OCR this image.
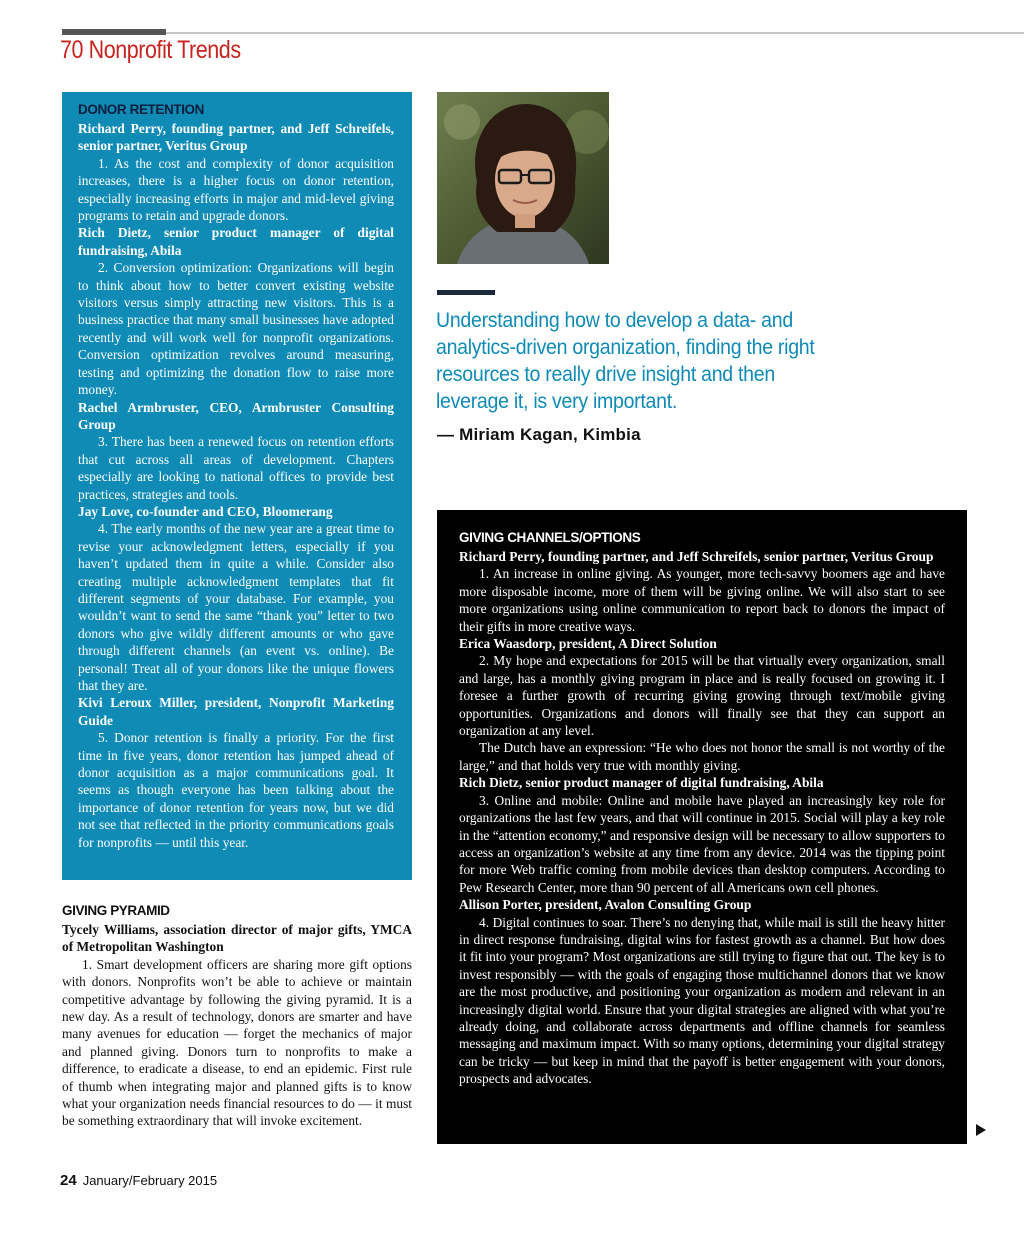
70 Nonprofit Trends
DONOR RETENTION

Richard Perry, founding partner, and Jeff Schreifels, senior partner, Veritus Group

1. As the cost and complexity of donor acquisition increases, there is a higher focus on donor retention, especially increasing efforts in major and mid-level giving programs to retain and upgrade donors.

Rich Dietz, senior product manager of digital fundraising, Abila

2. Conversion optimization: Organizations will begin to think about how to better convert existing website visitors versus simply attracting new visitors. This is a business practice that many small businesses have adopted recently and will work well for nonprofit organizations. Conversion optimization revolves around measuring, testing and optimizing the donation flow to raise more money.

Rachel Armbruster, CEO, Armbruster Consulting Group

3. There has been a renewed focus on retention efforts that cut across all areas of development. Chapters especially are looking to national offices to provide best practices, strategies and tools.

Jay Love, co-founder and CEO, Bloomerang

4. The early months of the new year are a great time to revise your acknowledgment letters, especially if you haven’t updated them in quite a while. Consider also creating multiple acknowledgment templates that fit different segments of your database. For example, you wouldn’t want to send the same “thank you” letter to two donors who give wildly different amounts or who gave through different channels (an event vs. online). Be personal! Treat all of your donors like the unique flowers that they are.

Kivi Leroux Miller, president, Nonprofit Marketing Guide

5. Donor retention is finally a priority. For the first time in five years, donor retention has jumped ahead of donor acquisition as a major communications goal. It seems as though everyone has been talking about the importance of donor retention for years now, but we did not see that reflected in the priority communications goals for nonprofits — until this year.

GIVING PYRAMID

Tycely Williams, association director of major gifts, YMCA of Metropolitan Washington

1. Smart development officers are sharing more gift options with donors. Nonprofits won’t be able to achieve or maintain competitive advantage by following the giving pyramid. It is a new day. As a result of technology, donors are smarter and have many avenues for education — forget the mechanics of major and planned giving. Donors turn to nonprofits to make a difference, to eradicate a disease, to end an epidemic. First rule of thumb when integrating major and planned gifts is to know what your organization needs financial resources to do — it must be something extraordinary that will invoke excitement.

Understanding how to develop a data- and analytics-driven organization, finding the right resources to really drive insight and then leverage it, is very important.
— Miriam Kagan, Kimbia
GIVING CHANNELS/OPTIONS

Richard Perry, founding partner, and Jeff Schreifels, senior partner, Veritus Group

1. An increase in online giving. As younger, more tech-savvy boomers age and have more disposable income, more of them will be giving online. We will also start to see more organizations using online communication to report back to donors the impact of their gifts in more creative ways.

Erica Waasdorp, president, A Direct Solution

2. My hope and expectations for 2015 will be that virtually every organization, small and large, has a monthly giving program in place and is really focused on growing it. I foresee a further growth of recurring giving growing through text/mobile giving opportunities. Organizations and donors will finally see that they can support an organization at any level.

The Dutch have an expression: “He who does not honor the small is not worthy of the large,” and that holds very true with monthly giving.

Rich Dietz, senior product manager of digital fundraising, Abila

3. Online and mobile: Online and mobile have played an increasingly key role for organizations the last few years, and that will continue in 2015. Social will play a key role in the “attention economy,” and responsive design will be necessary to allow supporters to access an organization’s website at any time from any device. 2014 was the tipping point for more Web traffic coming from mobile devices than desktop computers. According to Pew Research Center, more than 90 percent of all Americans own cell phones.

Allison Porter, president, Avalon Consulting Group

4. Digital continues to soar. There’s no denying that, while mail is still the heavy hitter in direct response fundraising, digital wins for fastest growth as a channel. But how does it fit into your program? Most organizations are still trying to figure that out. The key is to invest responsibly — with the goals of engaging those multichannel donors that we know are the most productive, and positioning your organization as modern and relevant in an increasingly digital world. Ensure that your digital strategies are aligned with what you’re already doing, and collaborate across departments and offline channels for seamless messaging and maximum impact. With so many options, determining your digital strategy can be tricky — but keep in mind that the payoff is better engagement with your donors, prospects and advocates.

24 January/February 2015
